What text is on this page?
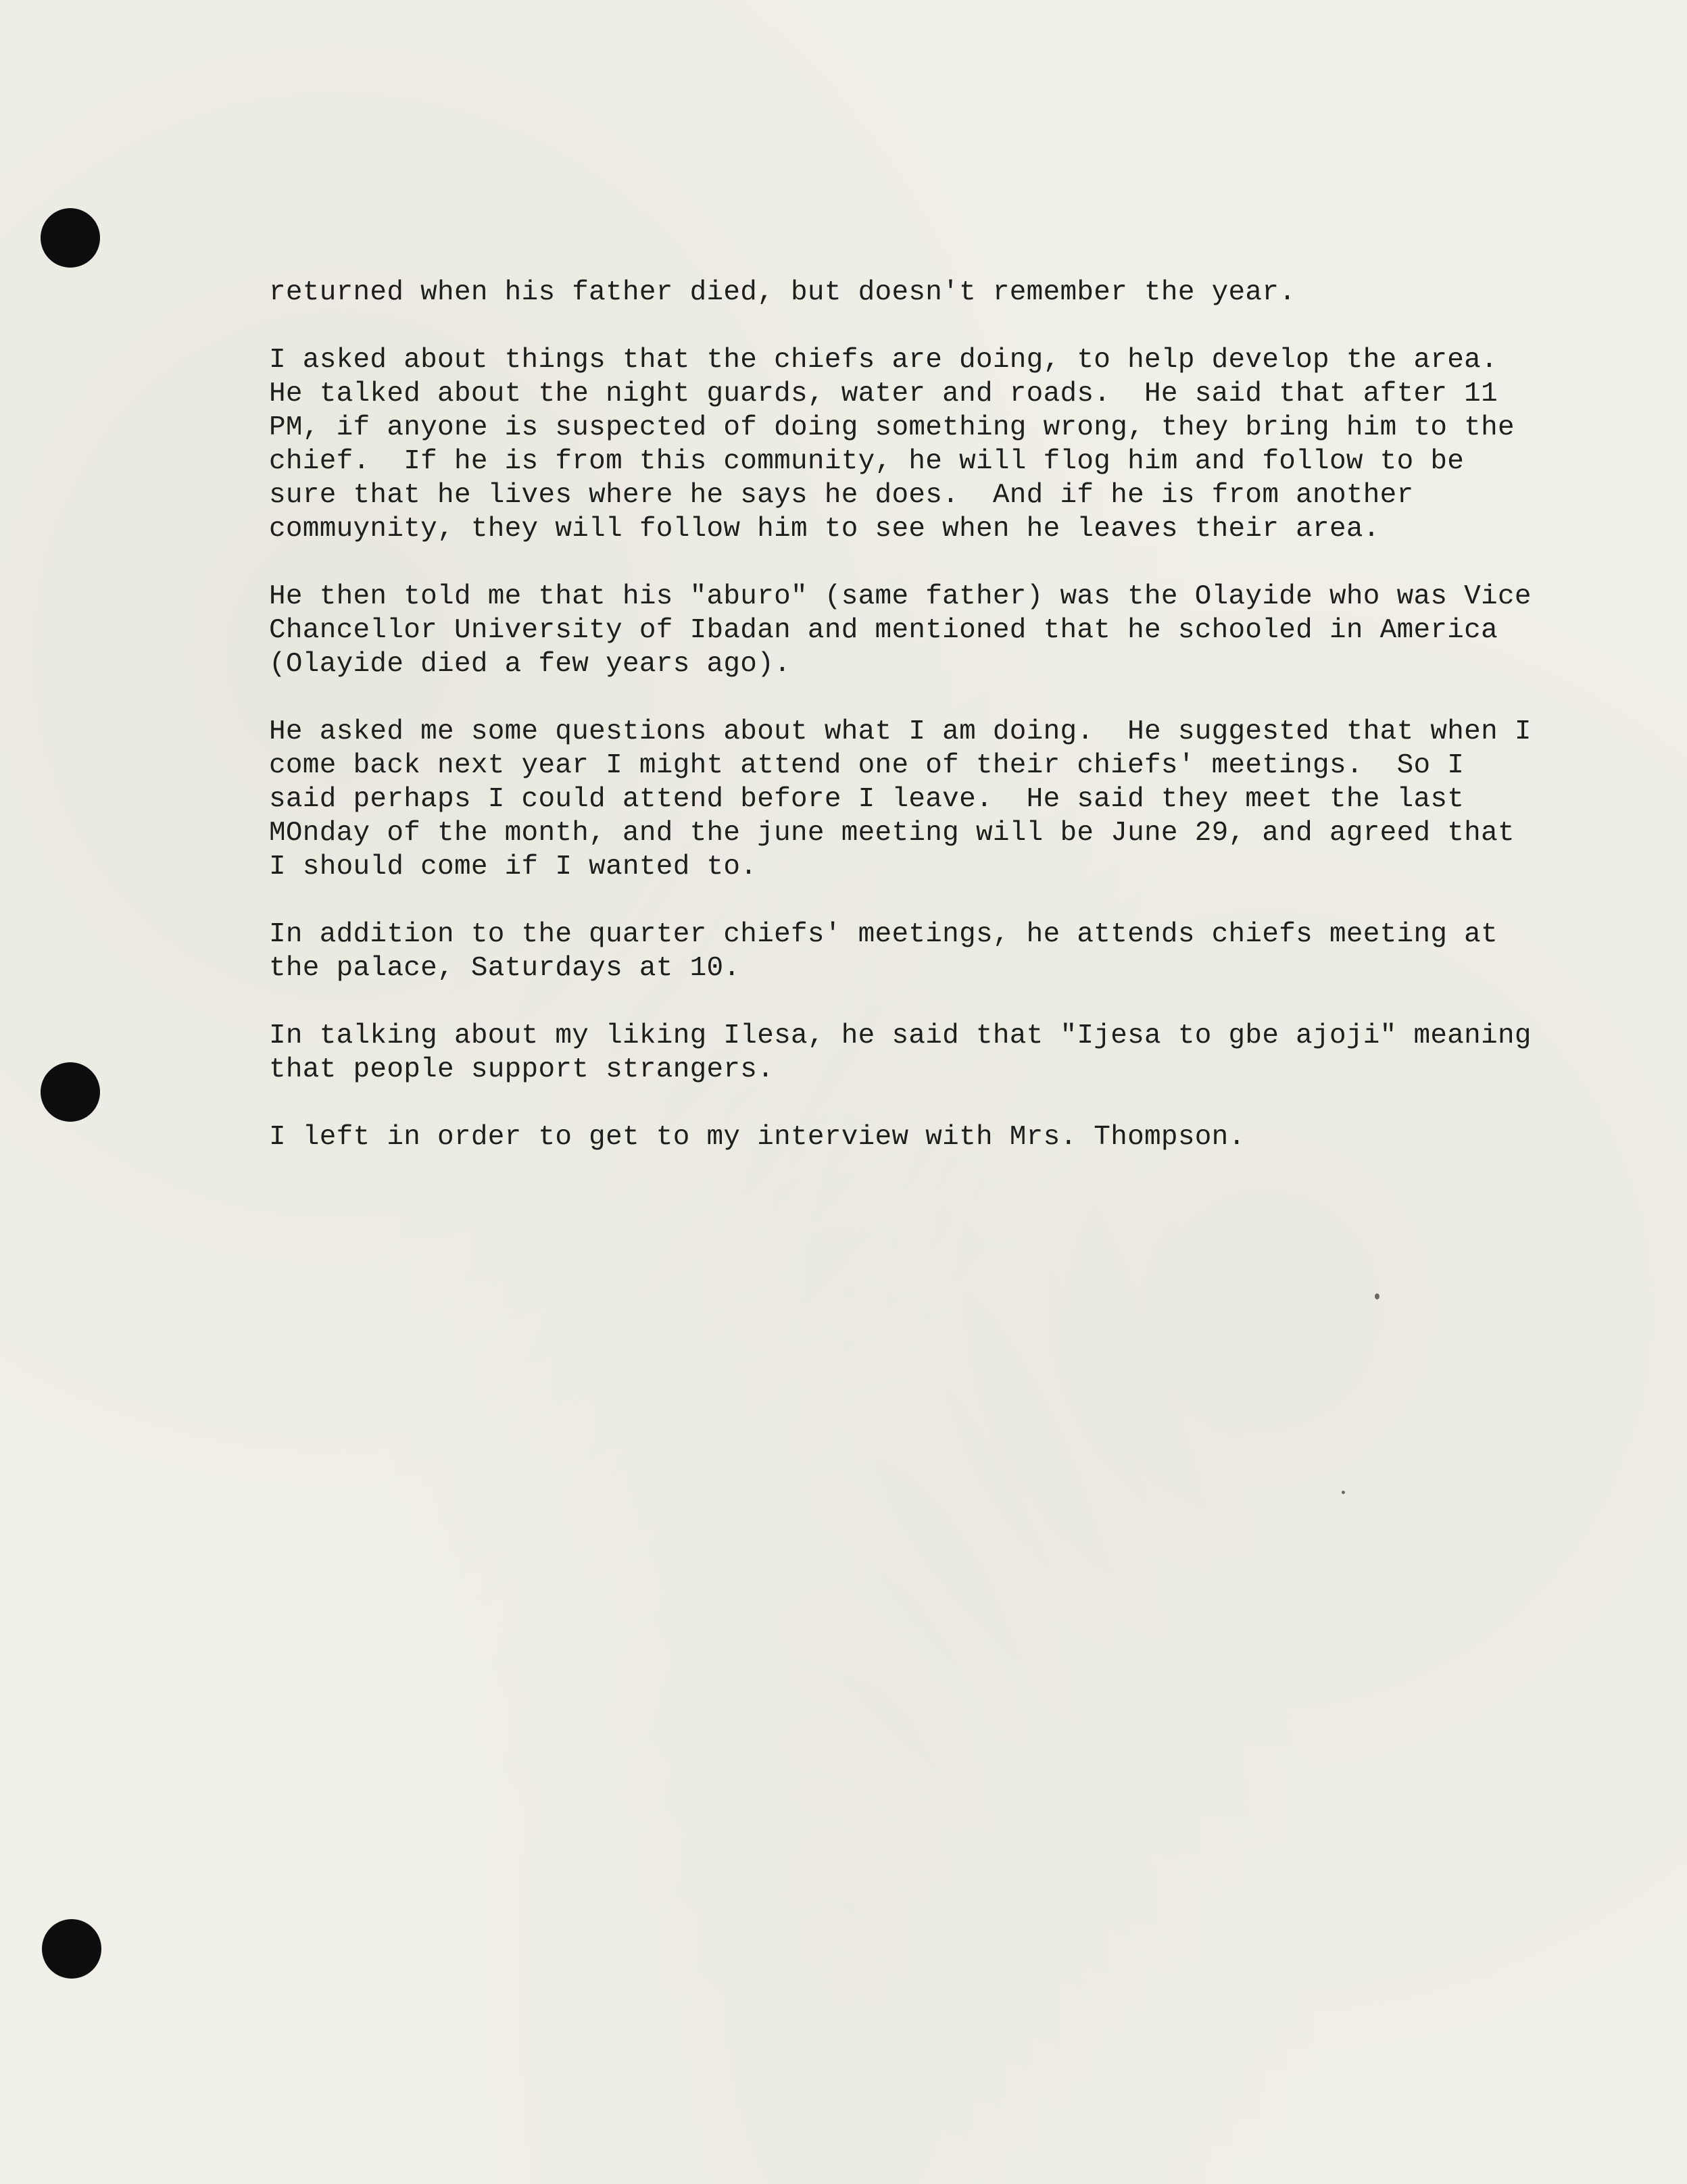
returned when his father died, but doesn't remember the year.
I asked about things that the chiefs are doing, to help develop the area.
He talked about the night guards, water and roads.  He said that after 11
PM, if anyone is suspected of doing something wrong, they bring him to the
chief.  If he is from this community, he will flog him and follow to be
sure that he lives where he says he does.  And if he is from another
commuynity, they will follow him to see when he leaves their area.
He then told me that his "aburo" (same father) was the Olayide who was Vice
Chancellor University of Ibadan and mentioned that he schooled in America
(Olayide died a few years ago).
He asked me some questions about what I am doing.  He suggested that when I
come back next year I might attend one of their chiefs' meetings.  So I
said perhaps I could attend before I leave.  He said they meet the last
MOnday of the month, and the june meeting will be June 29, and agreed that
I should come if I wanted to.
In addition to the quarter chiefs' meetings, he attends chiefs meeting at
the palace, Saturdays at 10.
In talking about my liking Ilesa, he said that "Ijesa to gbe ajoji" meaning
that people support strangers.
I left in order to get to my interview with Mrs. Thompson.
